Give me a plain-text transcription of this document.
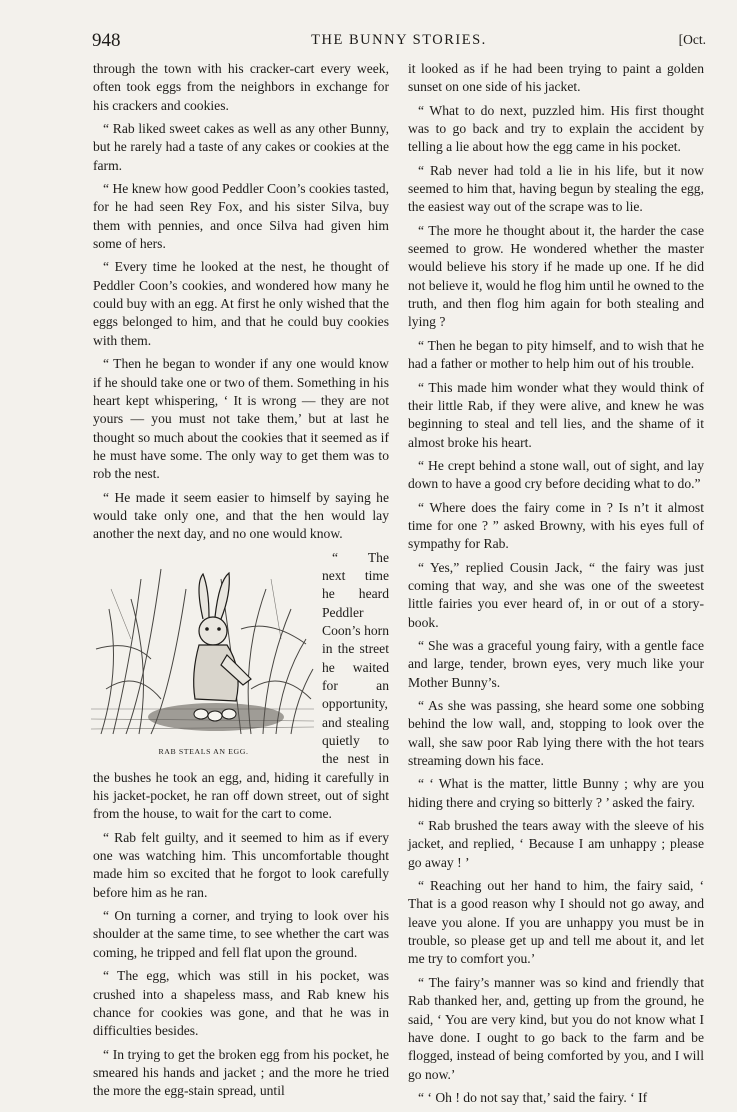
948	THE BUNNY STORIES.	[Oct.

through the town with his cracker-cart every week, often took eggs from the neighbors in exchange for his crackers and cookies.

“ Rab liked sweet cakes as well as any other Bunny, but he rarely had a taste of any cakes or cookies at the farm.

“ He knew how good Peddler Coon’s cookies tasted, for he had seen Rey Fox, and his sister Silva, buy them with pennies, and once Silva had given him some of hers.

“ Every time he looked at the nest, he thought of Peddler Coon’s cookies, and wondered how many he could buy with an egg. At first he only wished that the eggs belonged to him, and that he could buy cookies with them.

“ Then he began to wonder if any one would know if he should take one or two of them. Something in his heart kept whispering, ‘ It is wrong — they are not yours — you must not take them,’ but at last he thought so much about the cookies that it seemed as if he must have some. The only way to get them was to rob the nest.

“ He made it seem easier to himself by saying he would take only one, and that the hen would lay another the next day, and no one would know.

RAB STEALS AN EGG.

“ The next time he heard Peddler Coon’s horn in the street he waited for an opportunity, and stealing quietly to the nest in the bushes he took an egg, and, hiding it carefully in his jacket-pocket, he ran off down street, out of sight from the house, to wait for the cart to come.

“ Rab felt guilty, and it seemed to him as if every one was watching him. This uncomfortable thought made him so excited that he forgot to look carefully before him as he ran.

“ On turning a corner, and trying to look over his shoulder at the same time, to see whether the cart was coming, he tripped and fell flat upon the ground.

“ The egg, which was still in his pocket, was crushed into a shapeless mass, and Rab knew his chance for cookies was gone, and that he was in difficulties besides.

“ In trying to get the broken egg from his pocket, he smeared his hands and jacket ; and the more he tried the more the egg-stain spread, until

it looked as if he had been trying to paint a golden sunset on one side of his jacket.

“ What to do next, puzzled him. His first thought was to go back and try to explain the accident by telling a lie about how the egg came in his pocket.

“ Rab never had told a lie in his life, but it now seemed to him that, having begun by stealing the egg, the easiest way out of the scrape was to lie.

“ The more he thought about it, the harder the case seemed to grow. He wondered whether the master would believe his story if he made up one. If he did not believe it, would he flog him until he owned to the truth, and then flog him again for both stealing and lying ?

“ Then he began to pity himself, and to wish that he had a father or mother to help him out of his trouble.

“ This made him wonder what they would think of their little Rab, if they were alive, and knew he was beginning to steal and tell lies, and the shame of it almost broke his heart.

“ He crept behind a stone wall, out of sight, and lay down to have a good cry before deciding what to do.”

“ Where does the fairy come in ? Is n’t it almost time for one ? ” asked Browny, with his eyes full of sympathy for Rab.

“ Yes,” replied Cousin Jack, “ the fairy was just coming that way, and she was one of the sweetest little fairies you ever heard of, in or out of a story-book.

“ She was a graceful young fairy, with a gentle face and large, tender, brown eyes, very much like your Mother Bunny’s.

“ As she was passing, she heard some one sobbing behind the low wall, and, stopping to look over the wall, she saw poor Rab lying there with the hot tears streaming down his face.

“ ‘ What is the matter, little Bunny ; why are you hiding there and crying so bitterly ? ’ asked the fairy.

“ Rab brushed the tears away with the sleeve of his jacket, and replied, ‘ Because I am unhappy ; please go away ! ’

“ Reaching out her hand to him, the fairy said, ‘ That is a good reason why I should not go away, and leave you alone. If you are unhappy you must be in trouble, so please get up and tell me about it, and let me try to comfort you.’

“ The fairy’s manner was so kind and friendly that Rab thanked her, and, getting up from the ground, he said, ‘ You are very kind, but you do not know what I have done. I ought to go back to the farm and be flogged, instead of being comforted by you, and I will go now.’

“ ‘ Oh ! do not say that,’ said the fairy. ‘ If
